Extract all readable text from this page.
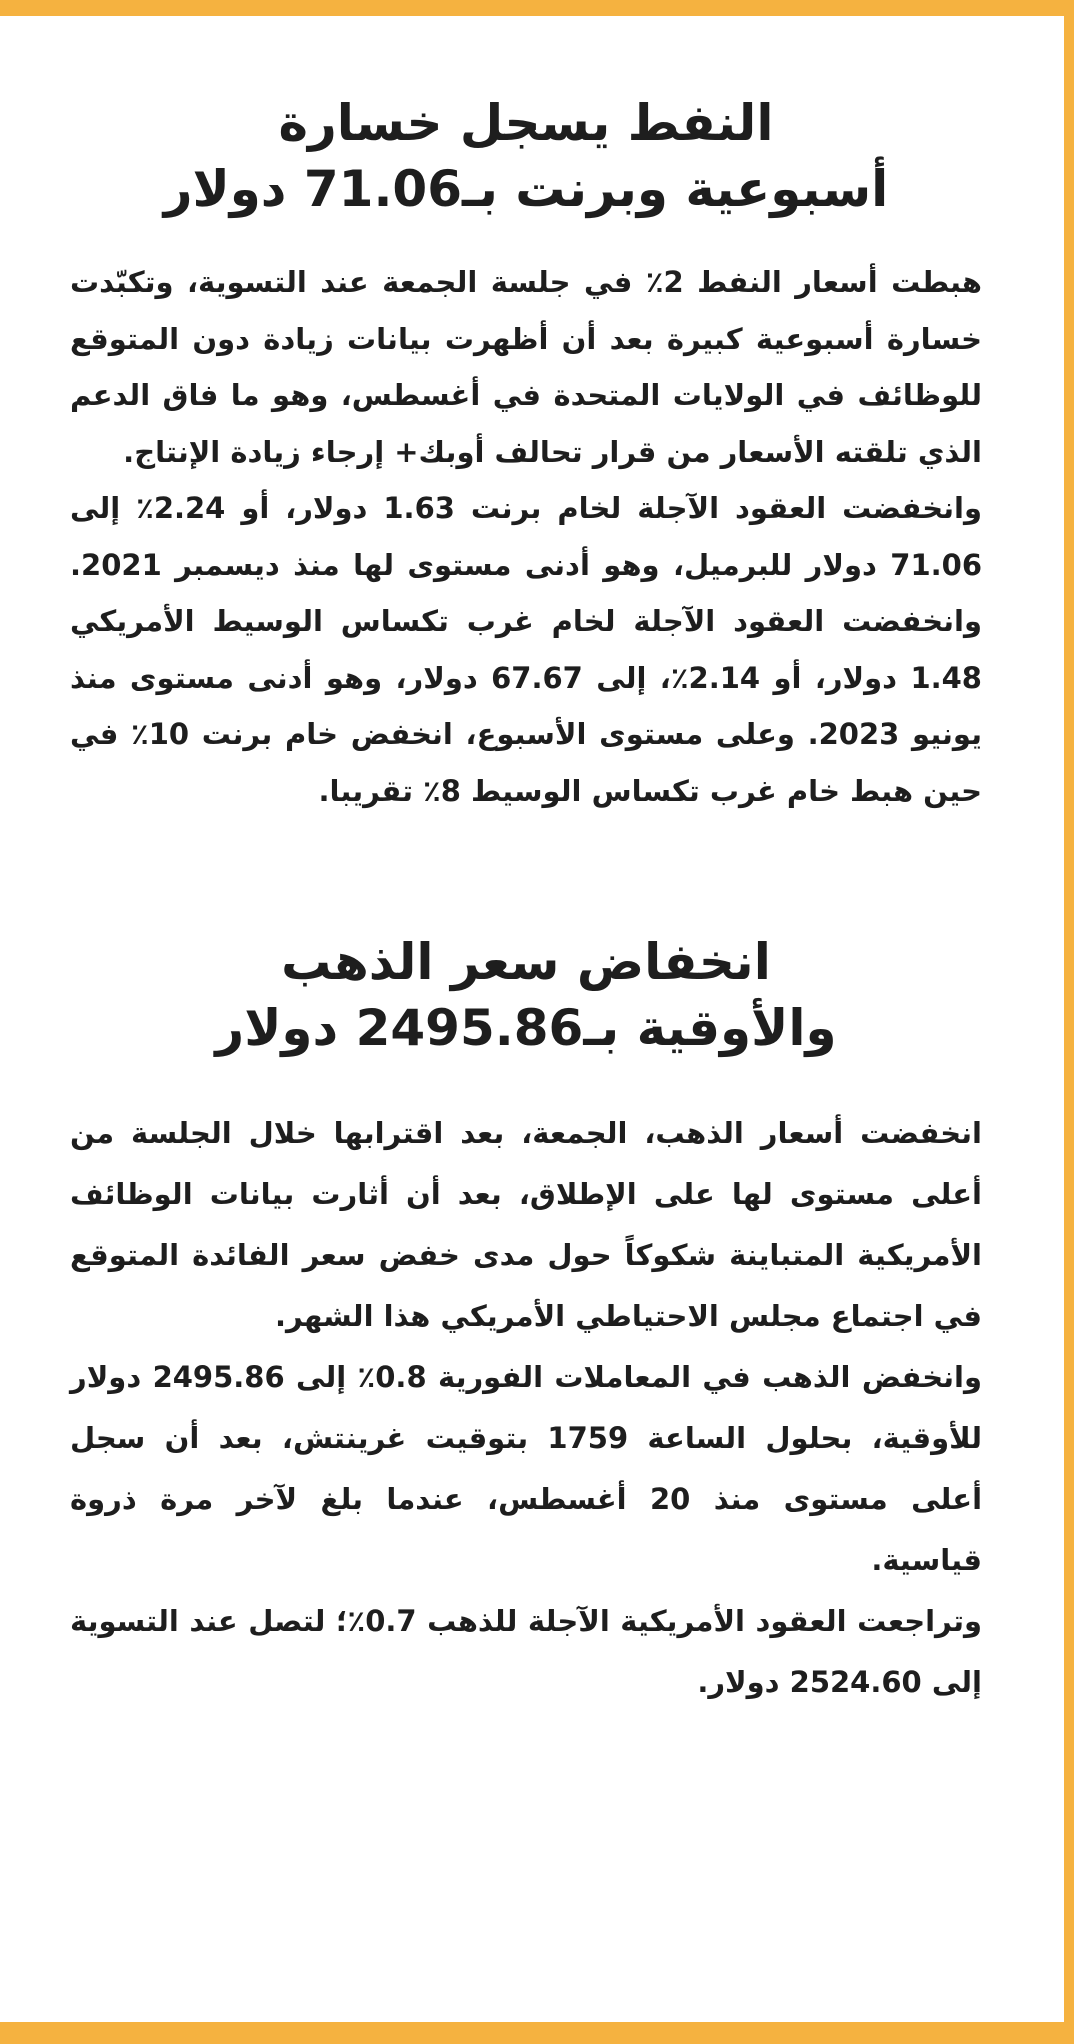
النفط يسجل خسارة
أسبوعية وبرنت بـ71.06 دولار

هبطت أسعار النفط 2٪ في جلسة الجمعة عند التسوية، وتكبّدت خسارة أسبوعية كبيرة بعد أن أظهرت بيانات زيادة دون المتوقع للوظائف في الولايات المتحدة في أغسطس، وهو ما فاق الدعم الذي تلقته الأسعار من قرار تحالف أوبك+ إرجاء زيادة الإنتاج.

وانخفضت العقود الآجلة لخام برنت 1.63 دولار، أو 2.24٪ إلى 71.06 دولار للبرميل، وهو أدنى مستوى لها منذ ديسمبر 2021. وانخفضت العقود الآجلة لخام غرب تكساس الوسيط الأمريكي 1.48 دولار، أو 2.14٪، إلى 67.67 دولار، وهو أدنى مستوى منذ يونيو 2023. وعلى مستوى الأسبوع، انخفض خام برنت 10٪ في حين هبط خام غرب تكساس الوسيط 8٪ تقريبا.

انخفاض سعر الذهب
والأوقية بـ2495.86 دولار

انخفضت أسعار الذهب، الجمعة، بعد اقترابها خلال الجلسة من أعلى مستوى لها على الإطلاق، بعد أن أثارت بيانات الوظائف الأمريكية المتباينة شكوكاً حول مدى خفض سعر الفائدة المتوقع في اجتماع مجلس الاحتياطي الأمريكي هذا الشهر.

وانخفض الذهب في المعاملات الفورية 0.8٪ إلى 2495.86 دولار للأوقية، بحلول الساعة 1759 بتوقيت غرينتش، بعد أن سجل أعلى مستوى منذ 20 أغسطس، عندما بلغ لآخر مرة ذروة قياسية.

وتراجعت العقود الأمريكية الآجلة للذهب 0.7٪؛ لتصل عند التسوية إلى 2524.60 دولار.
